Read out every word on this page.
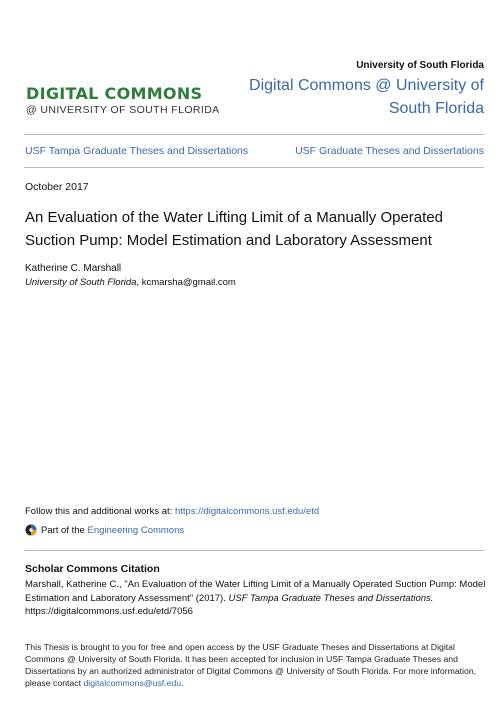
DIGITAL COMMONS
@ UNIVERSITY OF SOUTH FLORIDA
University of South Florida
Digital Commons @ University of South Florida
USF Tampa Graduate Theses and Dissertations	USF Graduate Theses and Dissertations
October 2017
An Evaluation of the Water Lifting Limit of a Manually Operated Suction Pump: Model Estimation and Laboratory Assessment
Katherine C. Marshall
University of South Florida, kcmarsha@gmail.com
Follow this and additional works at: https://digitalcommons.usf.edu/etd
Part of the
Engineering Commons
Scholar Commons Citation
Marshall, Katherine C., "An Evaluation of the Water Lifting Limit of a Manually Operated Suction Pump: Model Estimation and Laboratory Assessment" (2017). USF Tampa Graduate Theses and Dissertations.
https://digitalcommons.usf.edu/etd/7056
This Thesis is brought to you for free and open access by the USF Graduate Theses and Dissertations at Digital Commons @ University of South Florida. It has been accepted for inclusion in USF Tampa Graduate Theses and Dissertations by an authorized administrator of Digital Commons @ University of South Florida. For more information, please contact digitalcommons@usf.edu.
